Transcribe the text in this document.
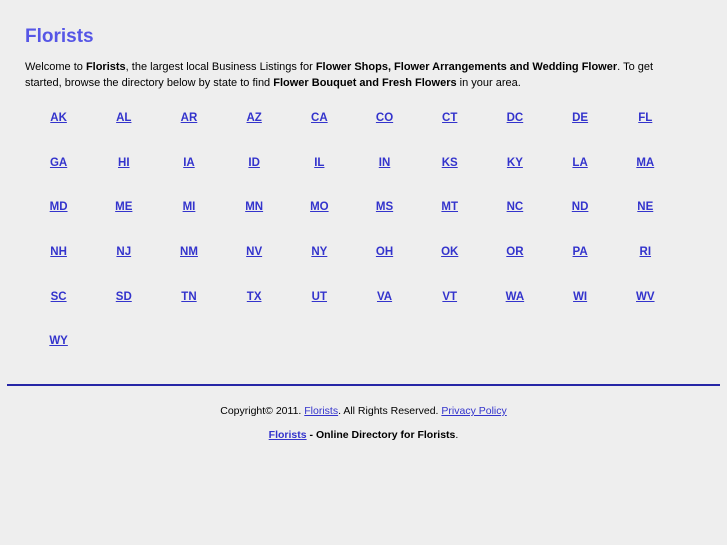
Florists

Welcome to Florists, the largest local Business Listings for Flower Shops, Flower Arrangements and Wedding Flower. To get started, browse the directory below by state to find Flower Bouquet and Fresh Flowers in your area.

AK	AL	AR	AZ	CA	CO	CT	DC	DE	FL
GA	HI	IA	ID	IL	IN	KS	KY	LA	MA
MD	ME	MI	MN	MO	MS	MT	NC	ND	NE
NH	NJ	NM	NV	NY	OH	OK	OR	PA	RI
SC	SD	TN	TX	UT	VA	VT	WA	WI	WV
WY
Copyright© 2011. Florists. All Rights Reserved. Privacy Policy
Florists - Online Directory for Florists.
